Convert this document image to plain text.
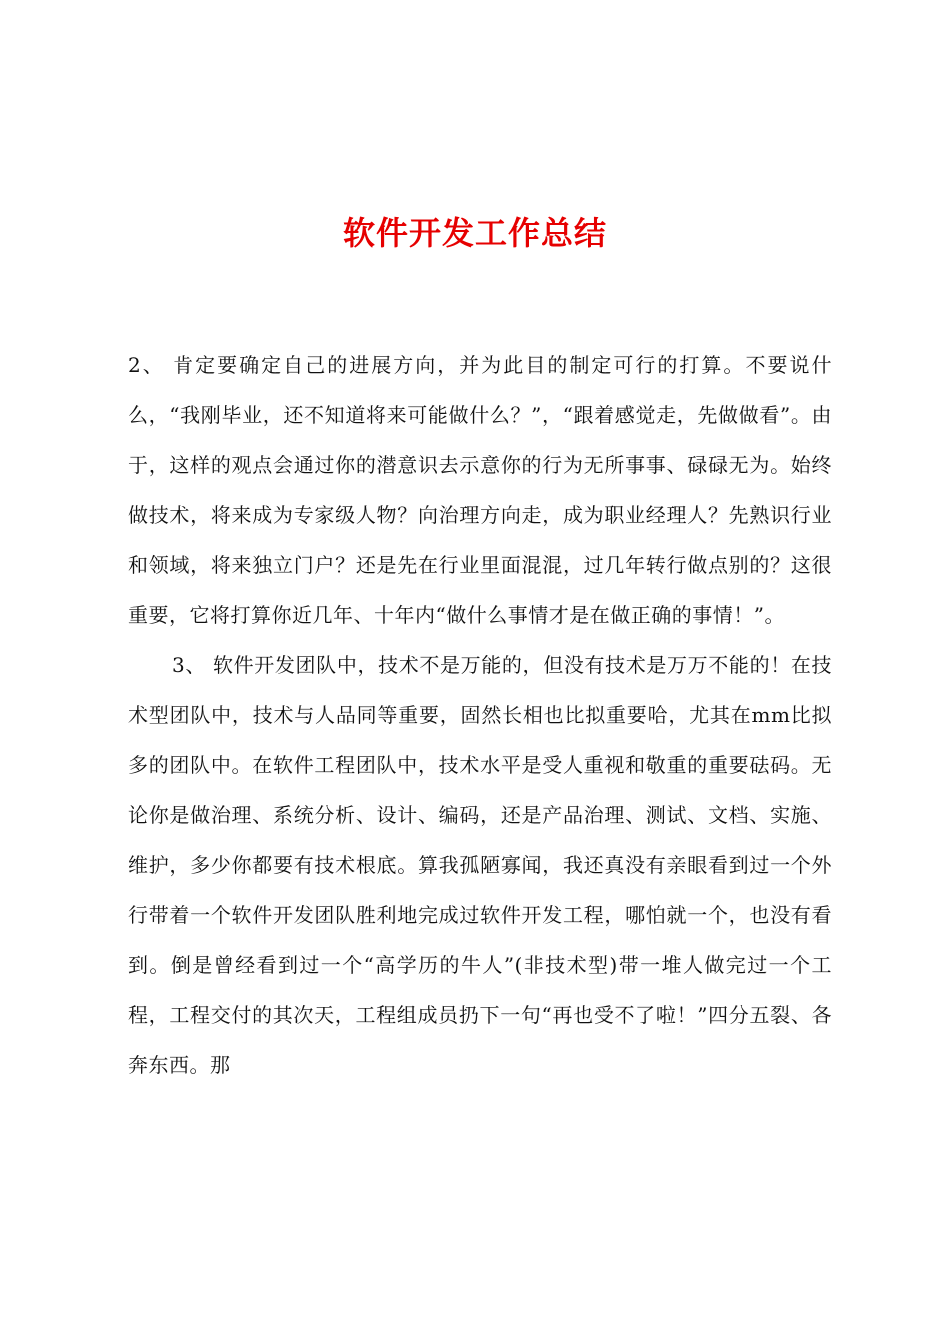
软件开发工作总结

2、 肯定要确定自己的进展方向，并为此目的制定可行的打算。不要说什么，“我刚毕业，还不知道将来可能做什么？”，“跟着感觉走，先做做看”。由于，这样的观点会通过你的潜意识去示意你的行为无所事事、碌碌无为。始终做技术，将来成为专家级人物？向治理方向走，成为职业经理人？先熟识行业和领域，将来独立门户？还是先在行业里面混混，过几年转行做点别的？这很重要，它将打算你近几年、十年内“做什么事情才是在做正确的事情！”。

3、 软件开发团队中，技术不是万能的，但没有技术是万万不能的！在技术型团队中，技术与人品同等重要，固然长相也比拟重要哈，尤其在mm比拟多的团队中。在软件工程团队中，技术水平是受人重视和敬重的重要砝码。无论你是做治理、系统分析、设计、编码，还是产品治理、测试、文档、实施、维护，多少你都要有技术根底。算我孤陋寡闻，我还真没有亲眼看到过一个外行带着一个软件开发团队胜利地完成过软件开发工程，哪怕就一个，也没有看到。倒是曾经看到过一个“高学历的牛人”(非技术型)带一堆人做完过一个工程，工程交付的其次天，工程组成员扔下一句“再也受不了啦！”四分五裂、各奔东西。那
